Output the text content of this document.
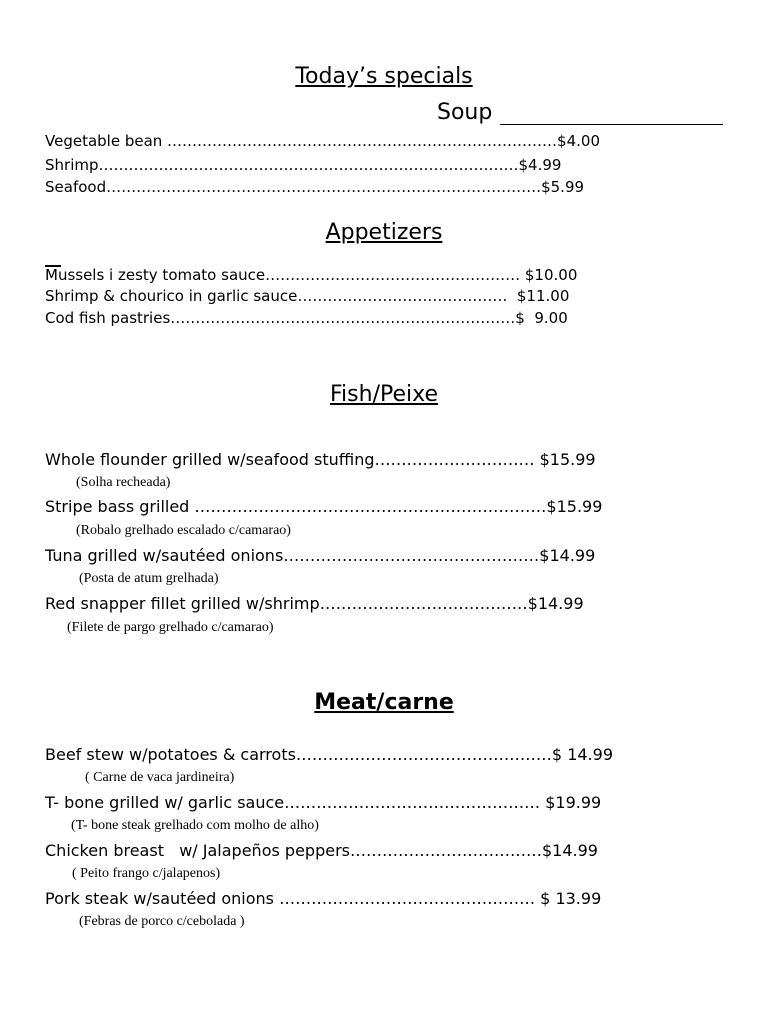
Today’s specials
Soup
Vegetable bean ……………………………………………………………………$4.00
Shrimp…………………………………………………………………………$4.99
Seafood……………………………………………………………………………$5.99
Appetizers
Mussels i zesty tomato sauce…………………………………………… $10.00
Shrimp & chourico in garlic sauce……………………………………  $11.00
Cod fish pastries……………………………………………………………$  9.00
Fish/Peixe
Whole flounder grilled w/seafood stuffing………………………… $15.99
(Solha recheada)
Stripe bass grilled …………………………………………………………$15.99
(Robalo grelhado escalado c/camarao)
Tuna grilled w/sautéed onions…………………………………………$14.99
(Posta de atum grelhada)
Red snapper fillet grilled w/shrimp…………………………………$14.99
(Filete de pargo grelhado c/camarao)
Meat/carne
Beef stew w/potatoes & carrots…………………………………………$ 14.99
( Carne de vaca jardineira)
T- bone grilled w/ garlic sauce………………………………………… $19.99
(T- bone steak grelhado com molho de alho)
Chicken breast   w/ Jalapeños peppers………………………………$14.99
( Peito frango c/jalapenos)
Pork steak w/sautéed onions ………………………………………… $ 13.99
(Febras de porco c/cebolada )
